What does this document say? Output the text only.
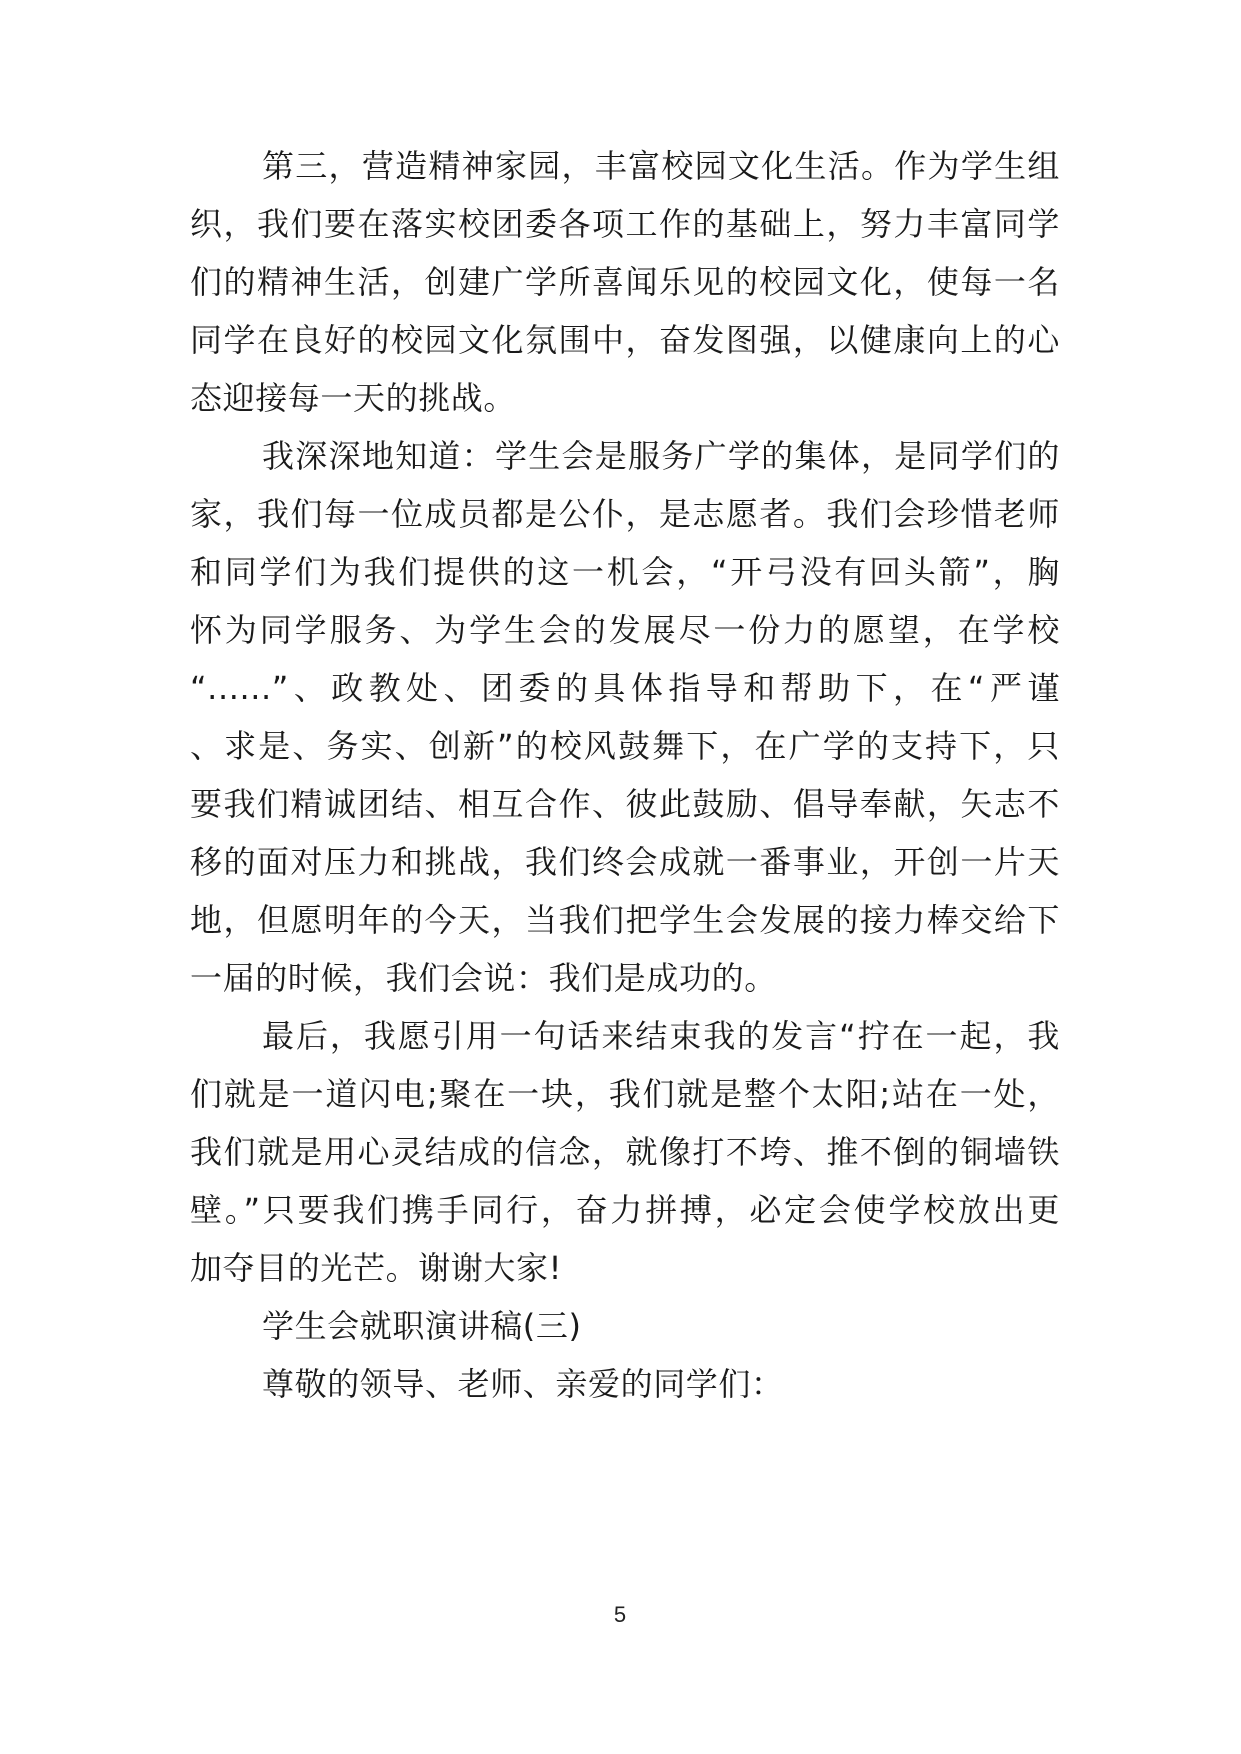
第三，营造精神家园，丰富校园文化生活。作为学生组
织，我们要在落实校团委各项工作的基础上，努力丰富同学
们的精神生活，创建广学所喜闻乐见的校园文化，使每一名
同学在良好的校园文化氛围中，奋发图强，以健康向上的心
态迎接每一天的挑战。
我深深地知道：学生会是服务广学的集体，是同学们的
家，我们每一位成员都是公仆，是志愿者。我们会珍惜老师
和同学们为我们提供的这一机会，“开弓没有回头箭”，胸
怀为同学服务、为学生会的发展尽一份力的愿望，在学校
“......”、政教处、团委的具体指导和帮助下，在“严谨
、求是、务实、创新”的校风鼓舞下，在广学的支持下，只
要我们精诚团结、相互合作、彼此鼓励、倡导奉献，矢志不
移的面对压力和挑战，我们终会成就一番事业，开创一片天
地，但愿明年的今天，当我们把学生会发展的接力棒交给下
一届的时候，我们会说：我们是成功的。
最后，我愿引用一句话来结束我的发言“拧在一起，我
们就是一道闪电;聚在一块，我们就是整个太阳;站在一处，
我们就是用心灵结成的信念，就像打不垮、推不倒的铜墙铁
壁。”只要我们携手同行，奋力拼搏，必定会使学校放出更
加夺目的光芒。谢谢大家!
学生会就职演讲稿(三)
尊敬的领导、老师、亲爱的同学们：
5
